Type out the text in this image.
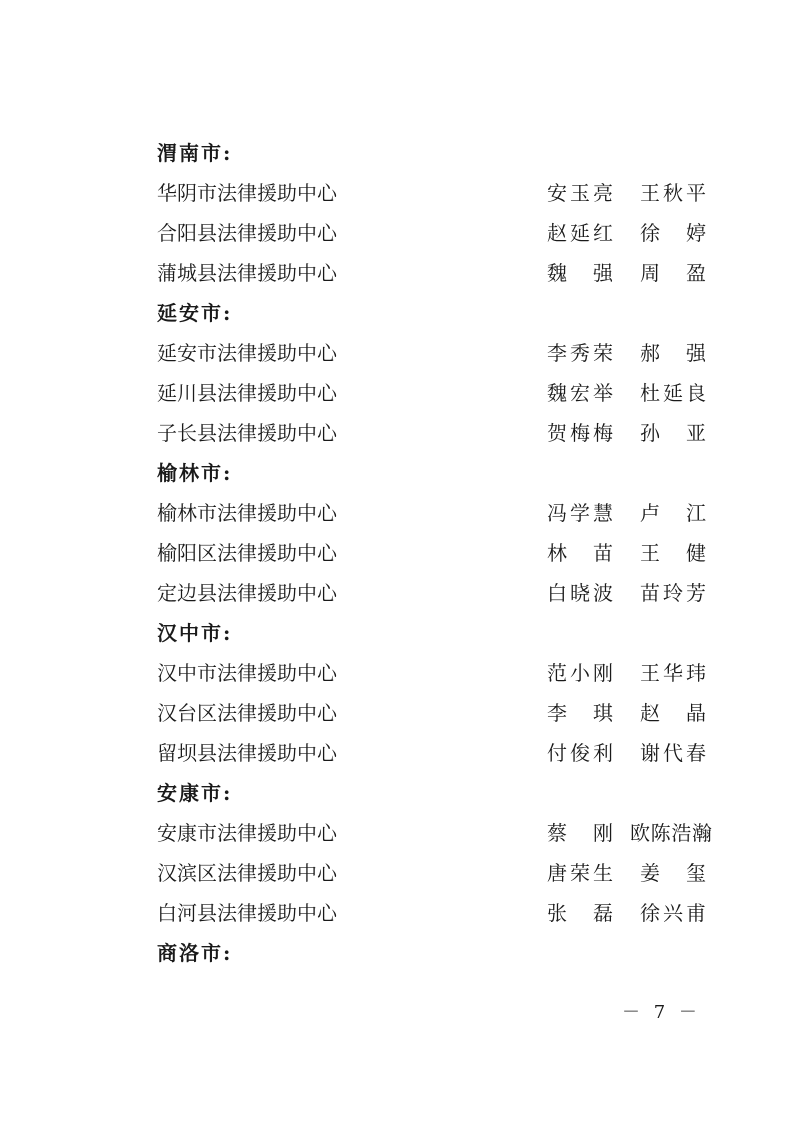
渭南市:
华阴市法律援助中心	安 玉 亮 王 秋 平
合阳县法律援助中心	赵 延 红 徐 婷
蒲城县法律援助中心	魏 强 周 盈
延安市:
延安市法律援助中心	李 秀 荣 郝 强
延川县法律援助中心	魏 宏 举 杜 延 良
子长县法律援助中心	贺 梅 梅 孙 亚
榆林市:
榆林市法律援助中心	冯 学 慧 卢 江
榆阳区法律援助中心	林 苗 王 健
定边县法律援助中心	白 晓 波 苗 玲 芳
汉中市:
汉中市法律援助中心	范 小 刚 王 华 玮
汉台区法律援助中心	李 琪 赵 晶
留坝县法律援助中心	付 俊 利 谢 代 春
安康市:
安康市法律援助中心	蔡 刚 欧 陈 浩 瀚
汉滨区法律援助中心	唐 荣 生 姜 玺
白河县法律援助中心	张 磊 徐 兴 甫
商洛市:
－ 7 －
